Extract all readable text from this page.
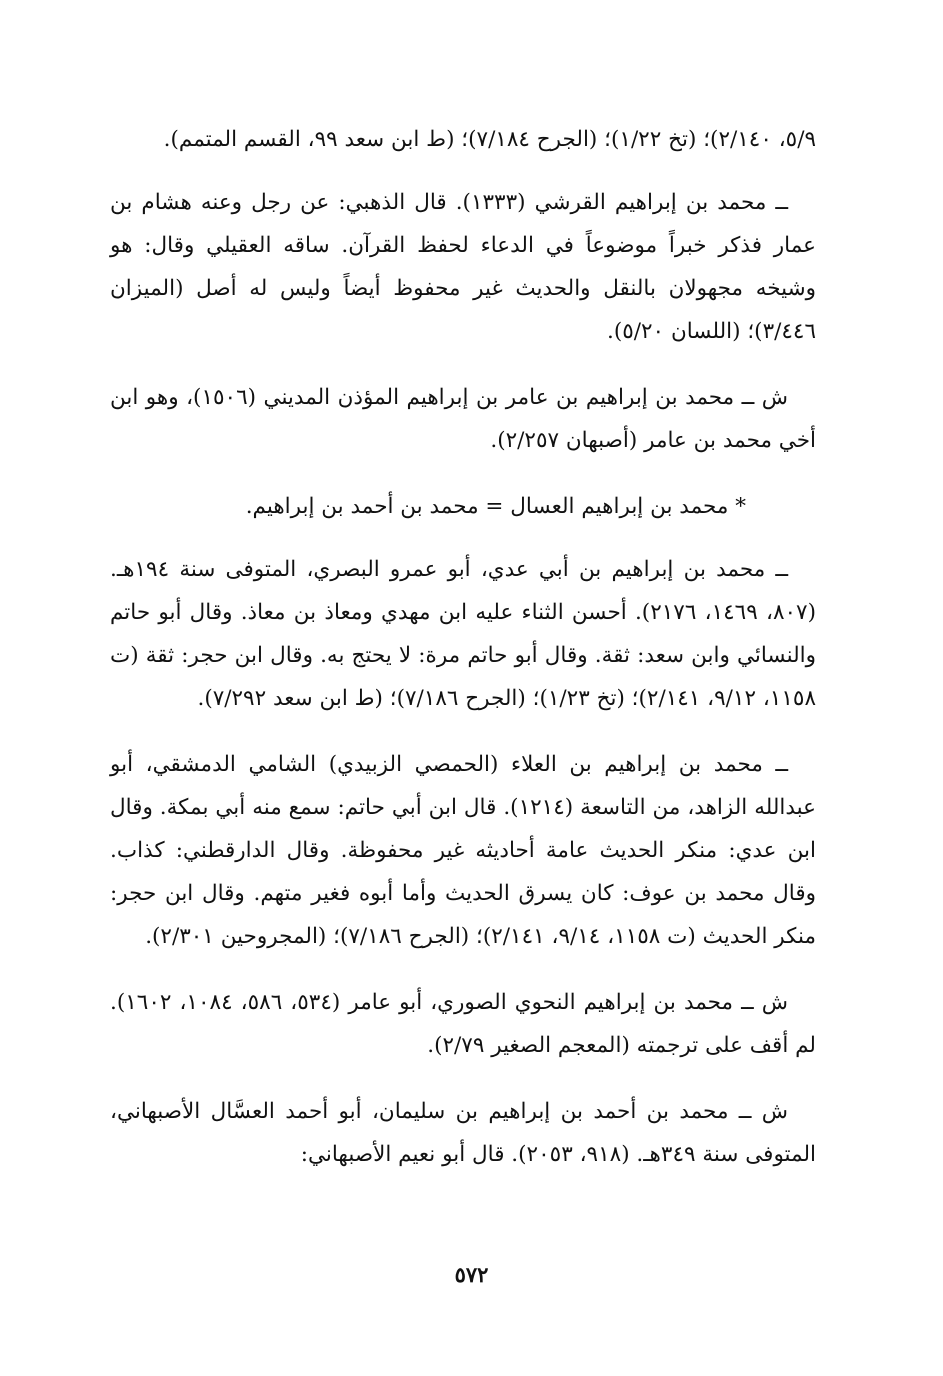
٥/٩، ٢/١٤٠)؛ (تخ ١/٢٢)؛ (الجرح ٧/١٨٤)؛ (ط ابن سعد ٩٩، القسم المتمم).

ــ محمد بن إبراهيم القرشي (١٣٣٣). قال الذهبي: عن رجل وعنه هشام بن عمار فذكر خبراً موضوعاً في الدعاء لحفظ القرآن. ساقه العقيلي وقال: هو وشيخه مجهولان بالنقل والحديث غير محفوظ أيضاً وليس له أصل (الميزان ٣/٤٤٦)؛ (اللسان ٥/٢٠).

ش ــ محمد بن إبراهيم بن عامر بن إبراهيم المؤذن المديني (١٥٠٦)، وهو ابن أخي محمد بن عامر (أصبهان ٢/٢٥٧).

* محمد بن إبراهيم العسال = محمد بن أحمد بن إبراهيم.

ــ محمد بن إبراهيم بن أبي عدي، أبو عمرو البصري، المتوفى سنة ١٩٤هـ. (٨٠٧، ١٤٦٩، ٢١٧٦). أحسن الثناء عليه ابن مهدي ومعاذ بن معاذ. وقال أبو حاتم والنسائي وابن سعد: ثقة. وقال أبو حاتم مرة: لا يحتج به. وقال ابن حجر: ثقة (ت ١١٥٨، ٩/١٢، ٢/١٤١)؛ (تخ ١/٢٣)؛ (الجرح ٧/١٨٦)؛ (ط ابن سعد ٧/٢٩٢).

ــ محمد بن إبراهيم بن العلاء (الحمصي الزبيدي) الشامي الدمشقي، أبو عبدالله الزاهد، من التاسعة (١٢١٤). قال ابن أبي حاتم: سمع منه أبي بمكة. وقال ابن عدي: منكر الحديث عامة أحاديثه غير محفوظة. وقال الدارقطني: كذاب. وقال محمد بن عوف: كان يسرق الحديث وأما أبوه فغير متهم. وقال ابن حجر: منكر الحديث (ت ١١٥٨، ٩/١٤، ٢/١٤١)؛ (الجرح ٧/١٨٦)؛ (المجروحين ٢/٣٠١).

ش ــ محمد بن إبراهيم النحوي الصوري، أبو عامر (٥٣٤، ٥٨٦، ١٠٨٤، ١٦٠٢). لم أقف على ترجمته (المعجم الصغير ٢/٧٩).

ش ــ محمد بن أحمد بن إبراهيم بن سليمان، أبو أحمد العسَّال الأصبهاني، المتوفى سنة ٣٤٩هـ. (٩١٨، ٢٠٥٣). قال أبو نعيم الأصبهاني:

٥٧٢
